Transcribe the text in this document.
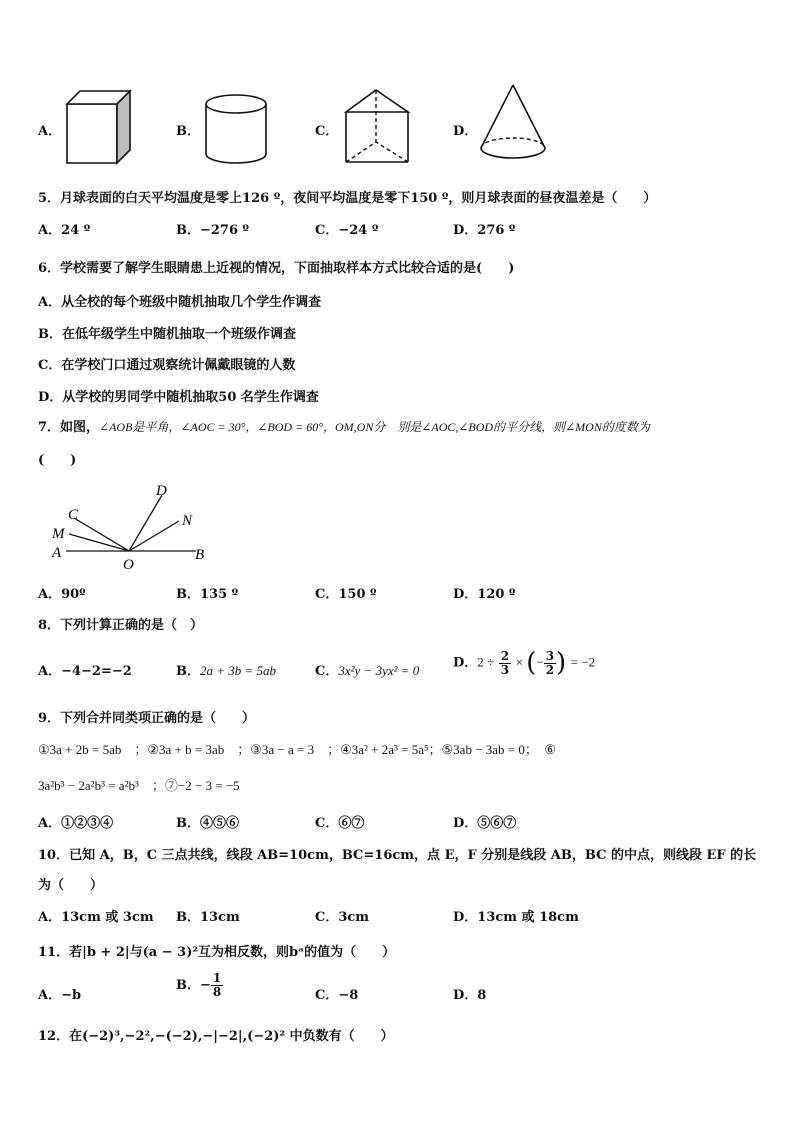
A．	B．	C．	D．
5．月球表面的白天平均温度是零上126 º，夜间平均温度是零下150 º，则月球表面的昼夜温差是（　　）
A．24 º	B．−276 º	C．−24 º	D．276 º
6．学校需要了解学生眼睛患上近视的情况，下面抽取样本方式比较合适的是(　　)
A．从全校的每个班级中随机抽取几个学生作调查
B．在低年级学生中随机抽取一个班级作调查
C．在学校门口通过观察统计佩戴眼镜的人数
D．从学校的男同学中随机抽取50 名学生作调查
7．如图，∠AOB是平角，∠AOC = 30°，∠BOD = 60°，OM,ON分　别是∠AOC,∠BOD的平分线，则∠MON的度数为
(　　)
A
M
C
D
N
O
B
A．90º	B．135 º	C．150 º	D．120 º
8．下列计算正确的是（　）
A．−4−2=−2	B．2a + 3b = 5ab	C．3x²y − 3yx² = 0	D．$2 \div \frac{2}{3}$ × (− $\frac{3}{2}$ ) = −2
9．下列合并同类项正确的是（　　）
①3a + 2b = 5ab　；②3a + b = 3ab　；③3a − a = 3　；④3a² + 2a³ = 5a⁵；⑤3ab − 3ab = 0；　⑥
3a²b³ − 2a²b³ = a²b³　；⑦−2 − 3 = −5
A．①②③④	B．④⑤⑥	C．⑥⑦	D．⑤⑥⑦
10．已知 A，B，C 三点共线，线段 AB=10cm，BC=16cm，点 E，F 分别是线段 AB，BC 的中点，则线段 EF 的长
为（　　）
A．13cm 或 3cm B．13cm	C．3cm	D．13cm 或 18cm
11．若|b + 2|与(a − 3)²互为相反数，则bᵃ的值为（　　）
A．−b
B．− $\frac{1}{8}$	C．−8	D．8
12．在(−2)³,−2²,−(−2),−|−2|,(−2)² 中负数有（　　）
